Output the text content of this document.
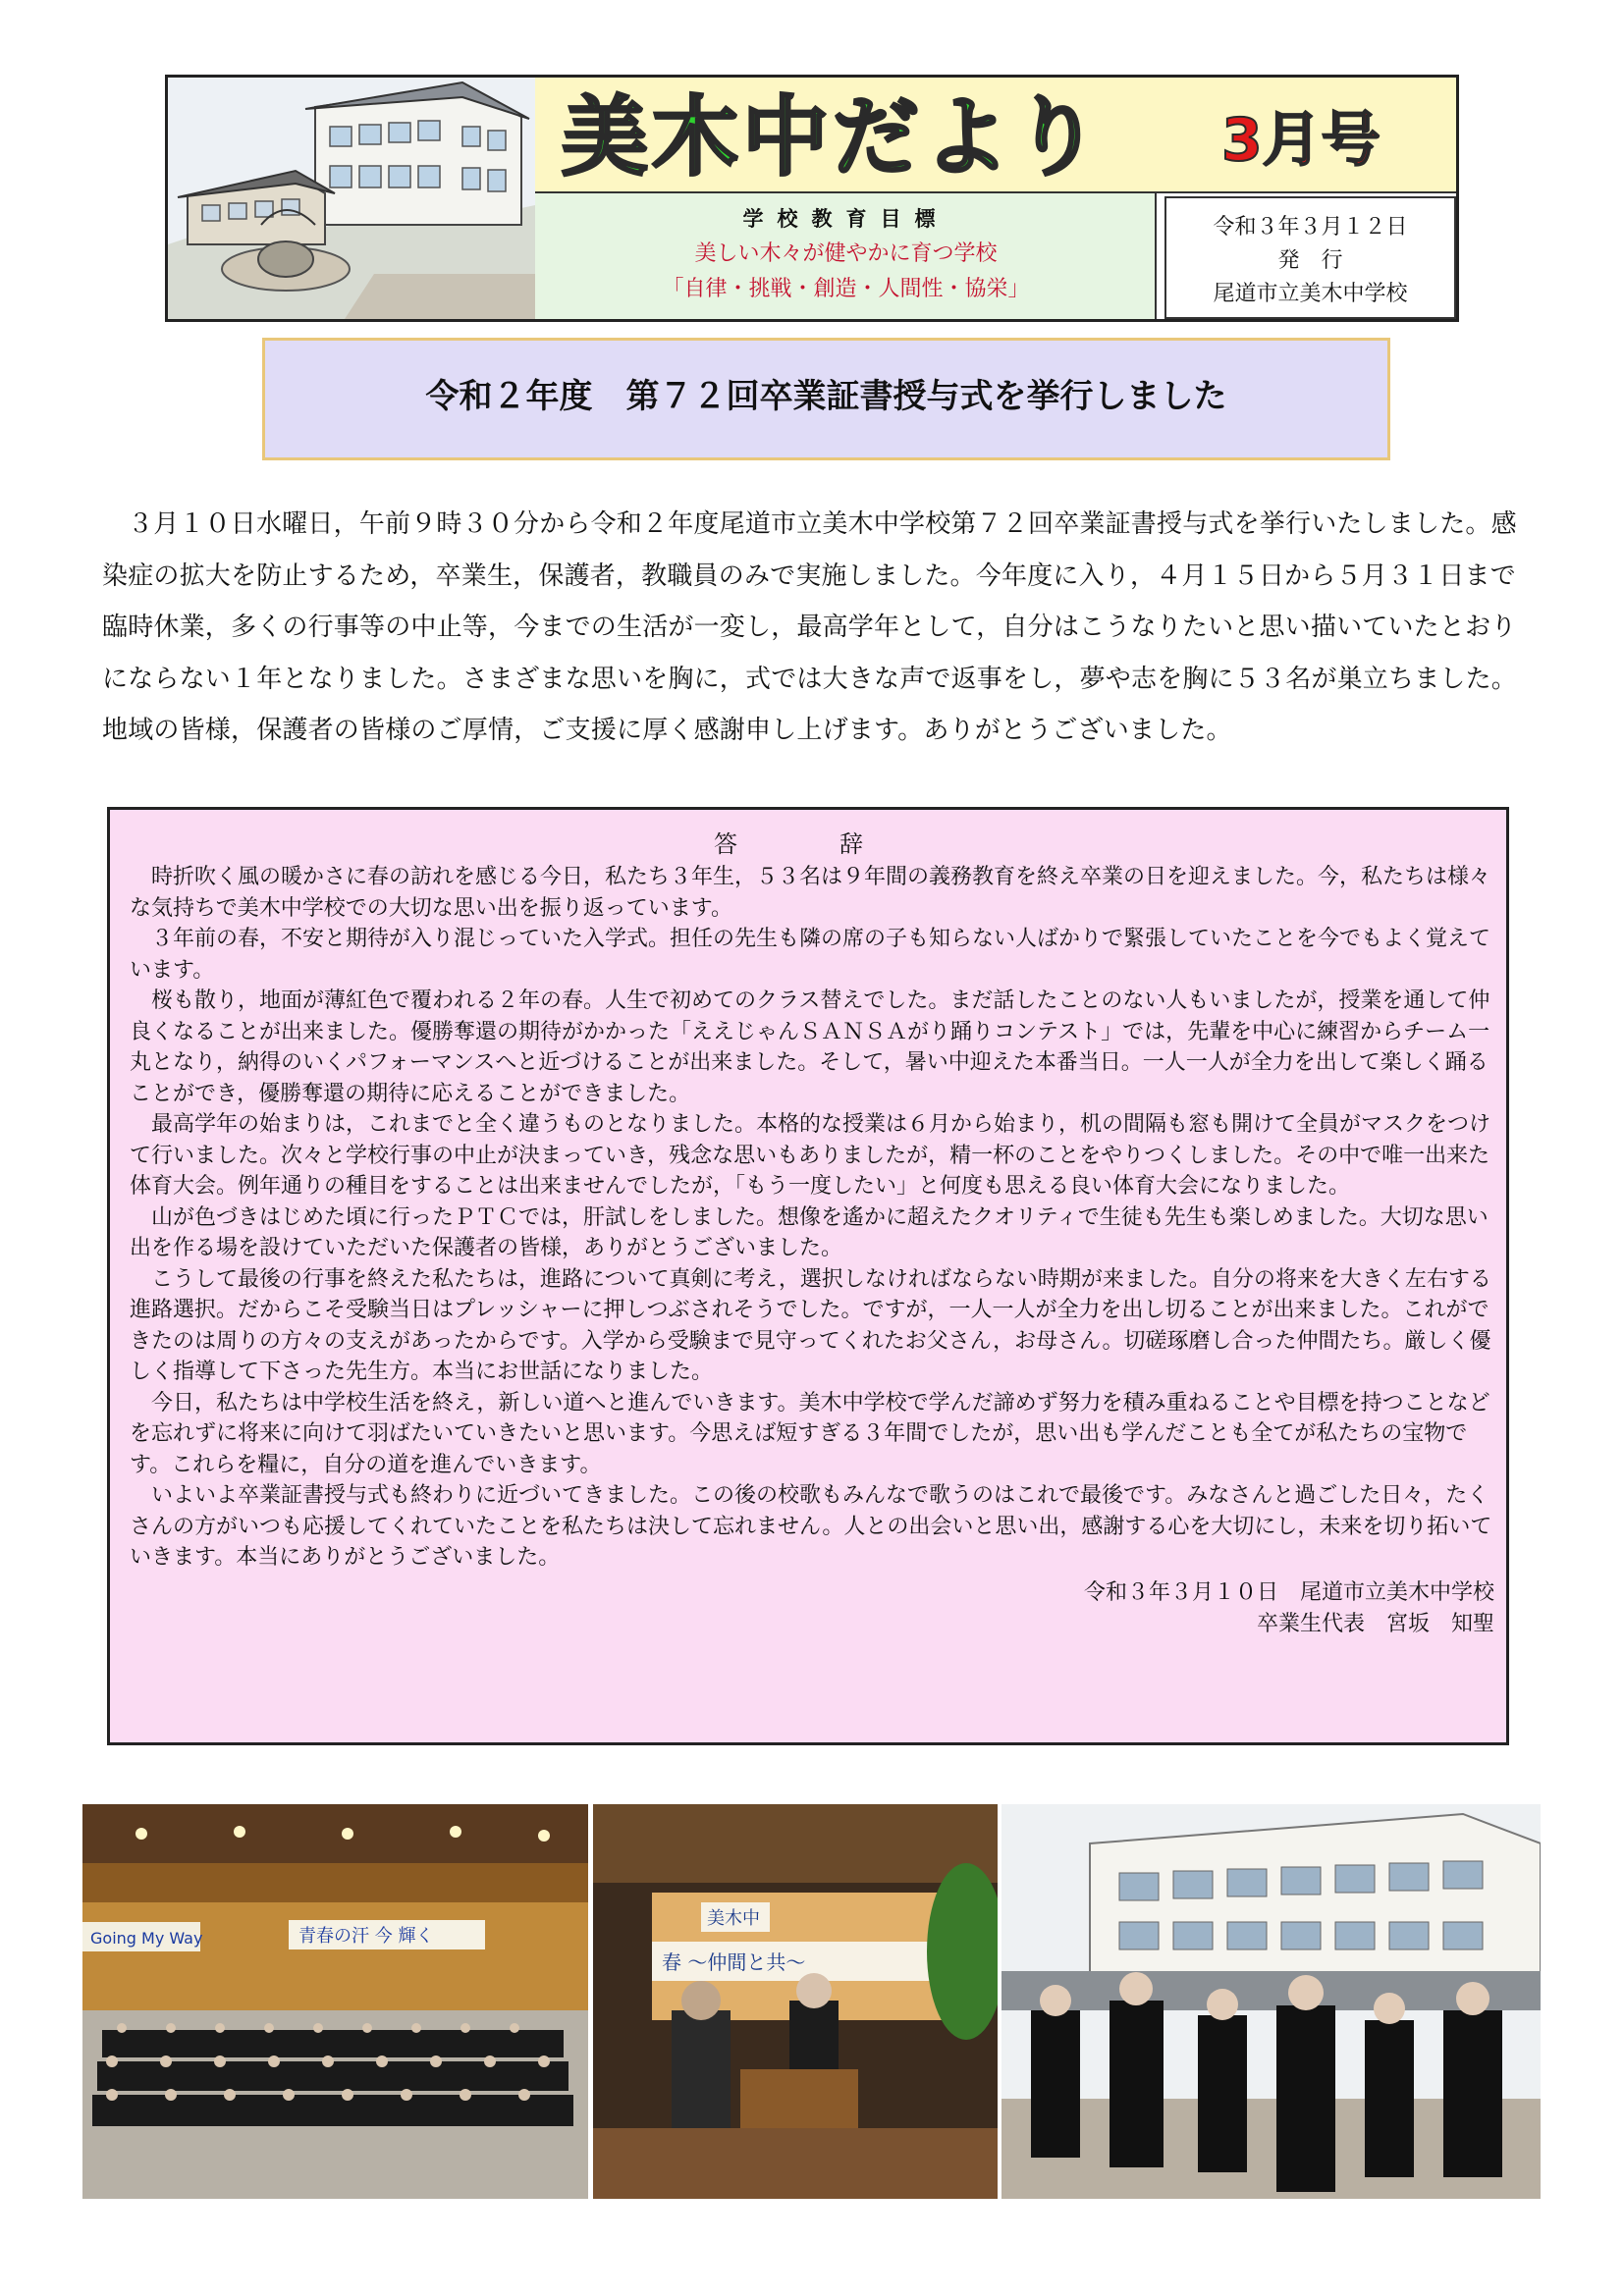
美木中だより 3月号
学校教育目標
美しい木々が健やかに育つ学校
「自律・挑戦・創造・人間性・協栄」
令和３年３月１２日
発　行
尾道市立美木中学校
令和２年度　第７２回卒業証書授与式を挙行しました

３月１０日水曜日，午前９時３０分から令和２年度尾道市立美木中学校第７２回卒業証書授与式を挙行いたしました。感染症の拡大を防止するため，卒業生，保護者，教職員のみで実施しました。今年度に入り，４月１５日から５月３１日まで臨時休業，多くの行事等の中止等，今までの生活が一変し，最高学年として，自分はこうなりたいと思い描いていたとおりにならない１年となりました。さまざまな思いを胸に，式では大きな声で返事をし，夢や志を胸に５３名が巣立ちました。地域の皆様，保護者の皆様のご厚情，ご支援に厚く感謝申し上げます。ありがとうございました。

答　辞

時折吹く風の暖かさに春の訪れを感じる今日，私たち３年生，５３名は９年間の義務教育を終え卒業の日を迎えました。今，私たちは様々な気持ちで美木中学校での大切な思い出を振り返っています。

３年前の春，不安と期待が入り混じっていた入学式。担任の先生も隣の席の子も知らない人ばかりで緊張していたことを今でもよく覚えています。

桜も散り，地面が薄紅色で覆われる２年の春。人生で初めてのクラス替えでした。まだ話したことのない人もいましたが，授業を通して仲良くなることが出来ました。優勝奪還の期待がかかった「ええじゃんＳＡＮＳＡがり踊りコンテスト」では，先輩を中心に練習からチーム一丸となり，納得のいくパフォーマンスへと近づけることが出来ました。そして，暑い中迎えた本番当日。一人一人が全力を出して楽しく踊ることができ，優勝奪還の期待に応えることができました。

最高学年の始まりは，これまでと全く違うものとなりました。本格的な授業は６月から始まり，机の間隔も窓も開けて全員がマスクをつけて行いました。次々と学校行事の中止が決まっていき，残念な思いもありましたが，精一杯のことをやりつくしました。その中で唯一出来た体育大会。例年通りの種目をすることは出来ませんでしたが，「もう一度したい」と何度も思える良い体育大会になりました。

山が色づきはじめた頃に行ったＰＴＣでは，肝試しをしました。想像を遙かに超えたクオリティで生徒も先生も楽しめました。大切な思い出を作る場を設けていただいた保護者の皆様，ありがとうございました。

こうして最後の行事を終えた私たちは，進路について真剣に考え，選択しなければならない時期が来ました。自分の将来を大きく左右する進路選択。だからこそ受験当日はプレッシャーに押しつぶされそうでした。ですが，一人一人が全力を出し切ることが出来ました。これができたのは周りの方々の支えがあったからです。入学から受験まで見守ってくれたお父さん，お母さん。切磋琢磨し合った仲間たち。厳しく優しく指導して下さった先生方。本当にお世話になりました。

今日，私たちは中学校生活を終え，新しい道へと進んでいきます。美木中学校で学んだ諦めず努力を積み重ねることや目標を持つことなどを忘れずに将来に向けて羽ばたいていきたいと思います。今思えば短すぎる３年間でしたが，思い出も学んだことも全てが私たちの宝物です。これらを糧に，自分の道を進んでいきます。

いよいよ卒業証書授与式も終わりに近づいてきました。この後の校歌もみんなで歌うのはこれで最後です。みなさんと過ごした日々，たくさんの方がいつも応援してくれていたことを私たちは決して忘れません。人との出会いと思い出，感謝する心を大切にし，未来を切り拓いていきます。本当にありがとうございました。

令和３年３月１０日　尾道市立美木中学校
卒業生代表　宮坂　知聖
Going My Way	青春の汗 今 輝く
美木中
春 〜仲間と共〜
